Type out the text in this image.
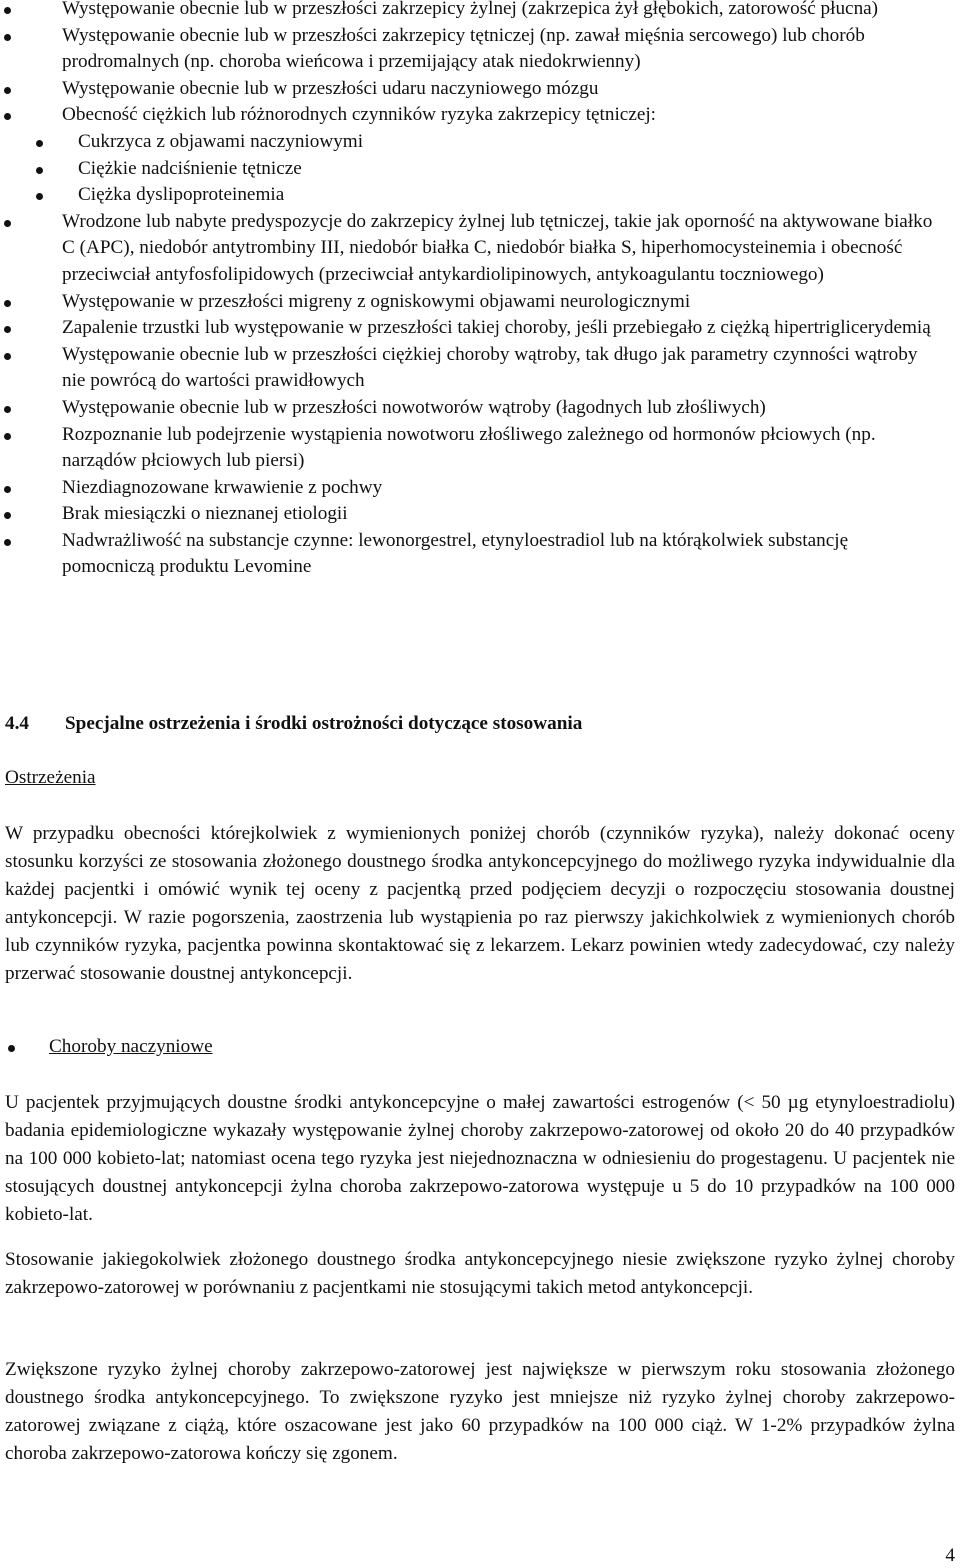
Występowanie obecnie lub w przeszłości zakrzepicy żylnej (zakrzepica żył głębokich, zatorowość płucna)
Występowanie obecnie lub w przeszłości zakrzepicy tętniczej (np. zawał mięśnia sercowego) lub chorób prodromalnych (np. choroba wieńcowa i przemijający atak niedokrwienny)
Występowanie obecnie lub w przeszłości udaru naczyniowego mózgu
Obecność ciężkich lub różnorodnych czynników ryzyka zakrzepicy tętniczej:
Cukrzyca z objawami naczyniowymi
Ciężkie nadciśnienie tętnicze
Ciężka dyslipoproteinemia
Wrodzone lub nabyte predyspozycje do zakrzepicy żylnej lub tętniczej, takie jak oporność na aktywowane białko C (APC), niedobór antytrombiny III, niedobór białka C, niedobór białka S, hiperhomocysteinemia i obecność przeciwciał antyfosfolipidowych (przeciwciał antykardiolipinowych, antykoagulantu toczniowego)
Występowanie w przeszłości migreny z ogniskowymi objawami neurologicznymi
Zapalenie trzustki lub występowanie w przeszłości takiej choroby, jeśli przebiegało z ciężką hipertriglicerydemią
Występowanie obecnie lub w przeszłości ciężkiej choroby wątroby, tak długo jak parametry czynności wątroby nie powrócą do wartości prawidłowych
Występowanie obecnie lub w przeszłości nowotworów wątroby (łagodnych lub złośliwych)
Rozpoznanie lub podejrzenie wystąpienia nowotworu złośliwego zależnego od hormonów płciowych (np. narządów płciowych lub piersi)
Niezdiagnozowane krwawienie z pochwy
Brak miesiączki o nieznanej etiologii
Nadwrażliwość na substancje czynne: lewonorgestrel, etynyloestradiol lub na którąkolwiek substancję pomocniczą produktu Levomine
4.4 Specjalne ostrzeżenia i środki ostrożności dotyczące stosowania
Ostrzeżenia
W przypadku obecności którejkolwiek z wymienionych poniżej chorób (czynników ryzyka), należy dokonać oceny stosunku korzyści ze stosowania złożonego doustnego środka antykoncepcyjnego do możliwego ryzyka indywidualnie dla każdej pacjentki i omówić wynik tej oceny z pacjentką przed podjęciem decyzji o rozpoczęciu stosowania doustnej antykoncepcji. W razie pogorszenia, zaostrzenia lub wystąpienia po raz pierwszy jakichkolwiek z wymienionych chorób lub czynników ryzyka, pacjentka powinna skontaktować się z lekarzem. Lekarz powinien wtedy zadecydować, czy należy przerwać stosowanie doustnej antykoncepcji.
Choroby naczyniowe
U pacjentek przyjmujących doustne środki antykoncepcyjne o małej zawartości estrogenów (< 50 µg etynyloestradiolu) badania epidemiologiczne wykazały występowanie żylnej choroby zakrzepowo-zatorowej od około 20 do 40 przypadków na 100 000 kobieto-lat; natomiast ocena tego ryzyka jest niejednoznaczna w odniesieniu do progestagenu. U pacjentek nie stosujących doustnej antykoncepcji żylna choroba zakrzepowo-zatorowa występuje u 5 do 10 przypadków na 100 000 kobieto-lat.
Stosowanie jakiegokolwiek złożonego doustnego środka antykoncepcyjnego niesie zwiększone ryzyko żylnej choroby zakrzepowo-zatorowej w porównaniu z pacjentkami nie stosującymi takich metod antykoncepcji.
Zwiększone ryzyko żylnej choroby zakrzepowo-zatorowej jest największe w pierwszym roku stosowania złożonego doustnego środka antykoncepcyjnego. To zwiększone ryzyko jest mniejsze niż ryzyko żylnej choroby zakrzepowo-zatorowej związane z ciążą, które oszacowane jest jako 60 przypadków na 100 000 ciąż. W 1-2% przypadków żylna choroba zakrzepowo-zatorowa kończy się zgonem.
4
